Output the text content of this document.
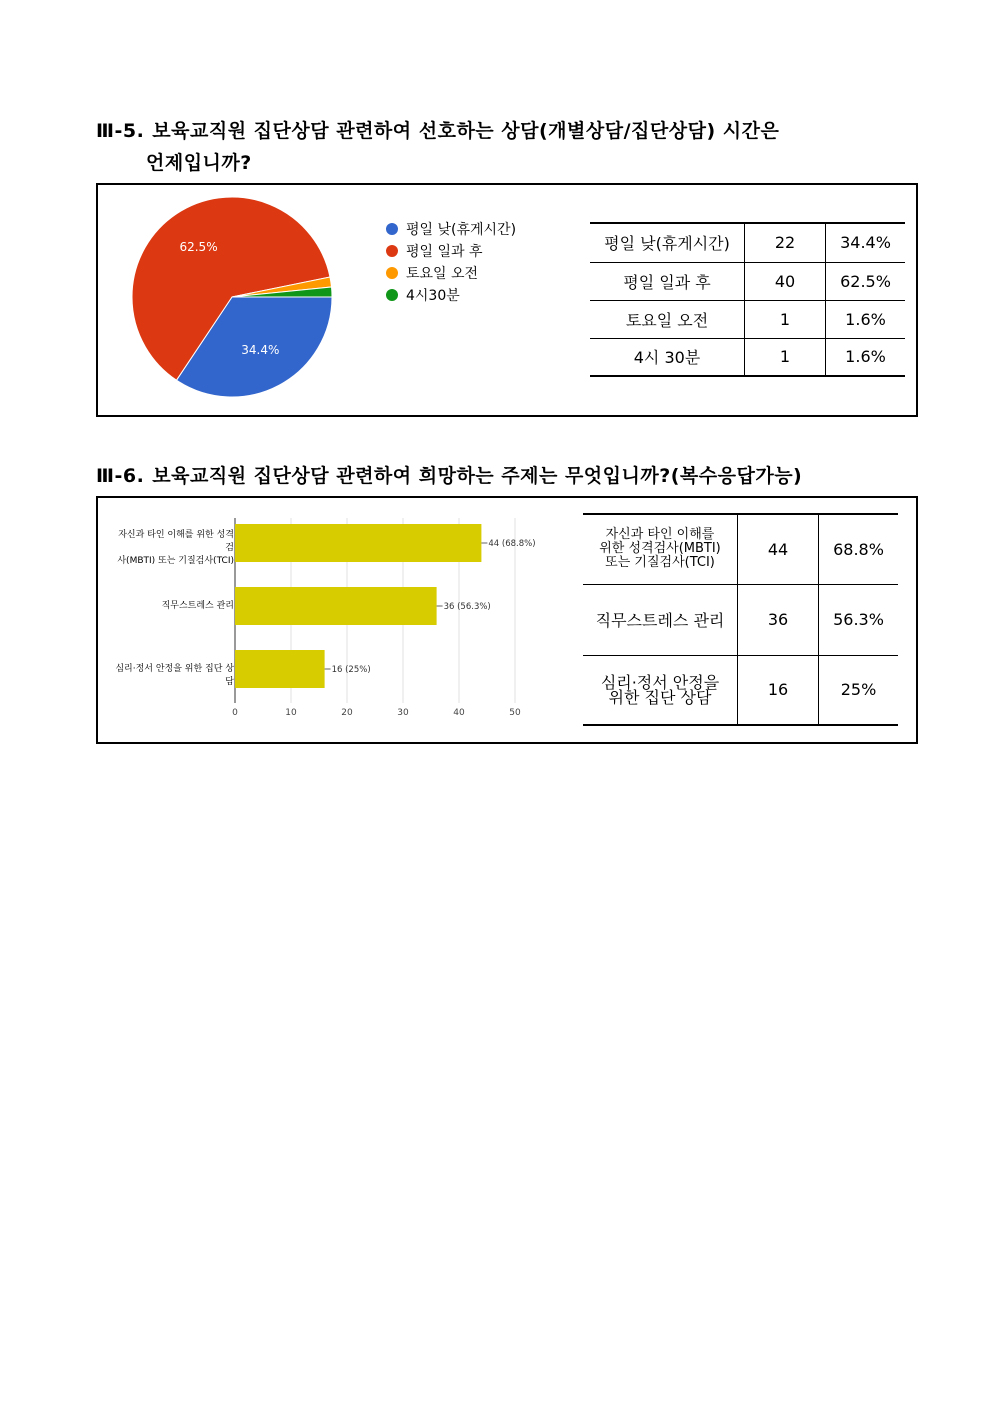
Ⅲ-5. 보육교직원 집단상담 관련하여 선호하는 상담(개별상담/집단상담) 시간은
언제입니까?
34.4%
62.5%
평일 낮(휴게시간)
평일 일과 후
토요일 오전
4시30분
평일 낮(휴게시간)	22	34.4%
평일 일과 후	40	62.5%
토요일 오전	1	1.6%
4시 30분	1	1.6%
Ⅲ-6. 보육교직원 집단상담 관련하여 희망하는 주제는 무엇입니까?(복수응답가능)
자신과 타인 이해를 위한 성격검
사(MBTI) 또는 기질검사(TCI)
직무스트레스 관리
심리·정서 안정을 위한 집단 상담
0	10	20	30	40	50
44 (68.8%)
36 (56.3%)
16 (25%)
자신과 타인 이해를
위한 성격검사(MBTI)
또는 기질검사(TCI)	44	68.8%
직무스트레스 관리	36	56.3%

심리·정서 안정을
위한 집단 상담	16	25%
